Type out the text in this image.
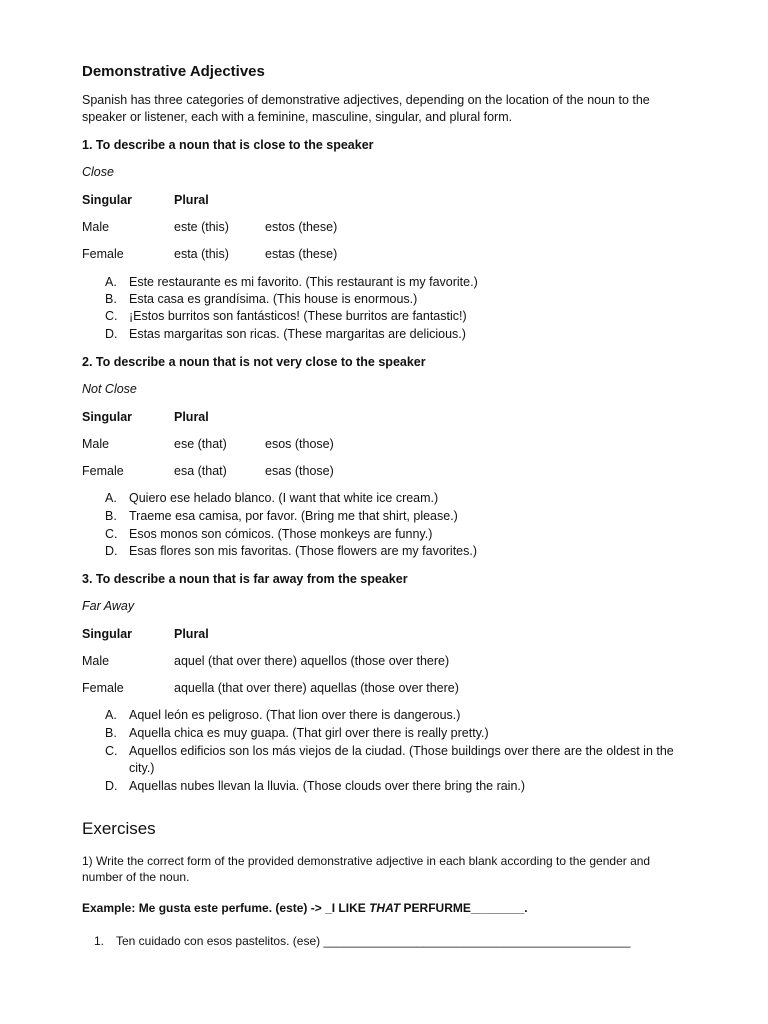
Demonstrative Adjectives
Spanish has three categories of demonstrative adjectives, depending on the location of the noun to the
speaker or listener, each with a feminine, masculine, singular, and plural form.
1. To describe a noun that is close to the speaker
Close
Singular	Plural
Male	este (this)	estos (these)
Female	esta (this)	estas (these)
A. Este restaurante es mi favorito. (This restaurant is my favorite.)
B. Esta casa es grandísima. (This house is enormous.)
C. ¡Estos burritos son fantásticos! (These burritos are fantastic!)
D. Estas margaritas son ricas. (These margaritas are delicious.)
2. To describe a noun that is not very close to the speaker
Not Close
Singular	Plural
Male	ese (that)	esos (those)
Female	esa (that)	esas (those)
A. Quiero ese helado blanco. (I want that white ice cream.)
B. Traeme esa camisa, por favor. (Bring me that shirt, please.)
C. Esos monos son cómicos. (Those monkeys are funny.)
D. Esas flores son mis favoritas. (Those flowers are my favorites.)
3. To describe a noun that is far away from the speaker
Far Away
Singular	Plural
Male	aquel (that over there) aquellos (those over there)
Female	aquella (that over there) aquellas (those over there)
A. Aquel león es peligroso. (That lion over there is dangerous.)
B. Aquella chica es muy guapa. (That girl over there is really pretty.)
C. Aquellos edificios son los más viejos de la ciudad. (Those buildings over there are the oldest in the
city.)
D. Aquellas nubes llevan la lluvia. (Those clouds over there bring the rain.)
Exercises
1) Write the correct form of the provided demonstrative adjective in each blank according to the gender and
number of the noun.
Example: Me gusta este perfume. (este) -> _I LIKE THAT PERFURME________.
1. Ten cuidado con esos pastelitos. (ese) ______________________________________________
